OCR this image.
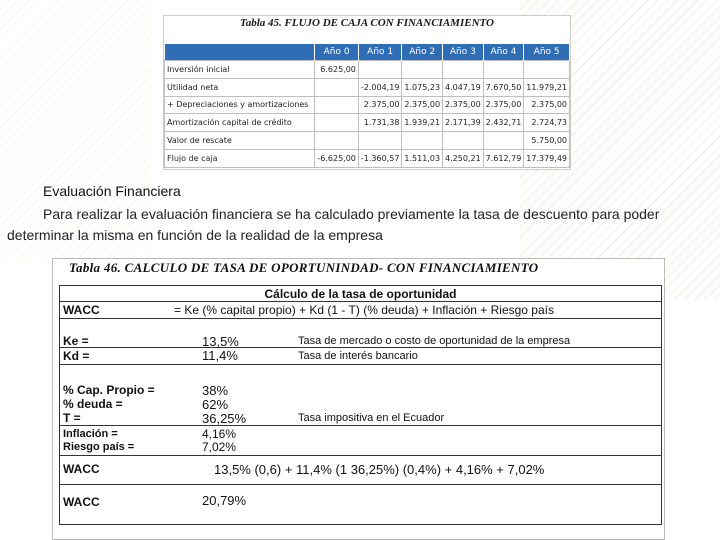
Tabla 45. FLUJO DE CAJA CON FINANCIAMIENTO
	Año 0	Año 1	Año 2	Año 3	Año 4	Año 5
Inversión inicial	6.625,00					
Utilidad neta		-2.004,19	1.075,23	4.047,19	7.670,50	11.979,21
+ Depreciaciones y amortizaciones		2.375,00	2.375,00	2.375,00	2.375,00	2.375,00
Amortización capital de crédito		1.731,38	1.939,21	2.171,39	2.432,71	2.724,73
Valor de rescate						5.750,00
Flujo de caja	-6.625,00	-1.360,57	1.511,03	4.250,21	7.612,79	17.379,49
Evaluación Financiera
Para realizar la evaluación financiera se ha calculado previamente la tasa de descuento para poder determinar la misma en función de la realidad de la empresa
Tabla 46. CALCULO DE TASA DE OPORTUNINDAD- CON FINANCIAMIENTO
Cálculo de la tasa de oportunidad
WACC	= Ke (% capital propio) + Kd (1 - T) (% deuda) + Inflación + Riesgo país
Ke =	13,5%	Tasa de mercado o costo de oportunidad de la empresa
Kd =	11,4%	Tasa de interés bancario
% Cap. Propio =	38%
% deuda =	62%
T =	36,25%	Tasa impositiva en el Ecuador
Inflación =	4,16%
Riesgo país =	7,02%
WACC	13,5% (0,6) + 11,4% (1 36,25%) (0,4%) + 4,16% + 7,02%
WACC	20,79%
